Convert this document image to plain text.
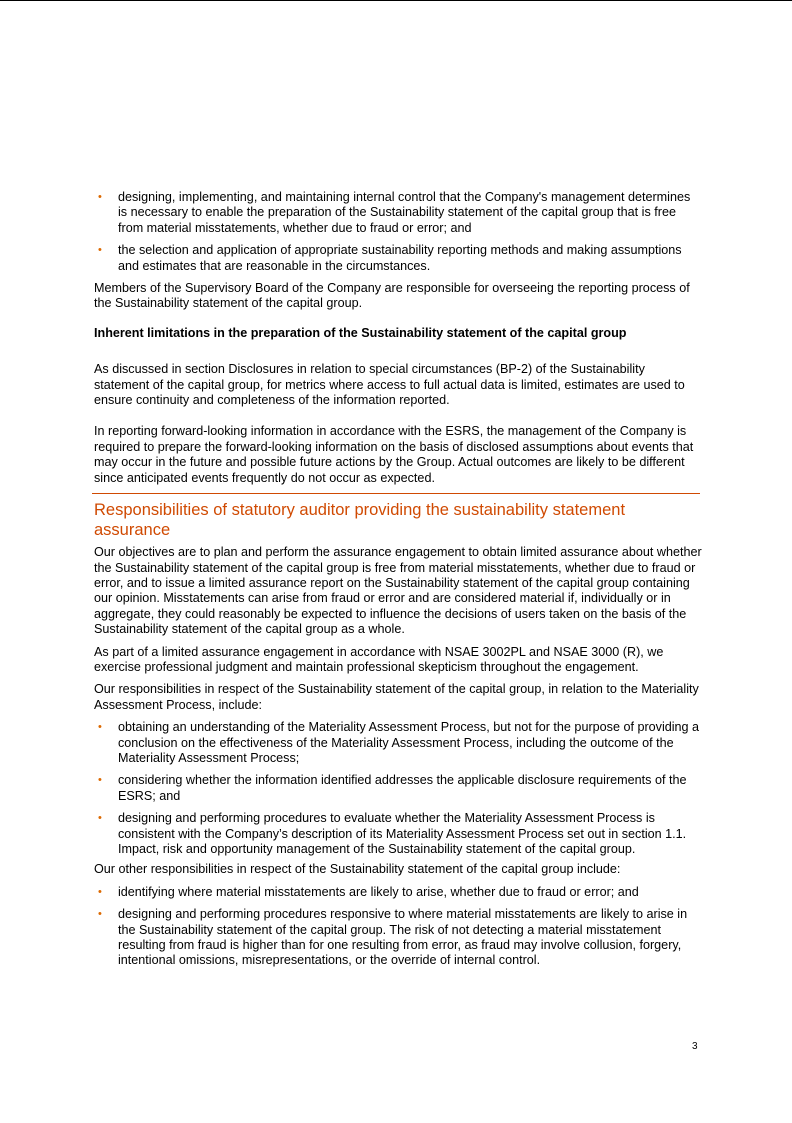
• designing, implementing, and maintaining internal control that the Company's management determines is necessary to enable the preparation of the Sustainability statement of the capital group that is free from material misstatements, whether due to fraud or error; and
• the selection and application of appropriate sustainability reporting methods and making assumptions and estimates that are reasonable in the circumstances.

Members of the Supervisory Board of the Company are responsible for overseeing the reporting process of the Sustainability statement of the capital group.

Inherent limitations in the preparation of the Sustainability statement of the capital group

As discussed in section Disclosures in relation to special circumstances (BP-2) of the Sustainability statement of the capital group, for metrics where access to full actual data is limited, estimates are used to ensure continuity and completeness of the information reported.

In reporting forward-looking information in accordance with the ESRS, the management of the Company is required to prepare the forward-looking information on the basis of disclosed assumptions about events that may occur in the future and possible future actions by the Group. Actual outcomes are likely to be different since anticipated events frequently do not occur as expected.

Responsibilities of statutory auditor providing the sustainability statement assurance

Our objectives are to plan and perform the assurance engagement to obtain limited assurance about whether the Sustainability statement of the capital group is free from material misstatements, whether due to fraud or error, and to issue a limited assurance report on the Sustainability statement of the capital group containing our opinion. Misstatements can arise from fraud or error and are considered material if, individually or in aggregate, they could reasonably be expected to influence the decisions of users taken on the basis of the Sustainability statement of the capital group as a whole.

As part of a limited assurance engagement in accordance with NSAE 3002PL and NSAE 3000 (R), we exercise professional judgment and maintain professional skepticism throughout the engagement.

Our responsibilities in respect of the Sustainability statement of the capital group, in relation to the Materiality Assessment Process, include:

• obtaining an understanding of the Materiality Assessment Process, but not for the purpose of providing a conclusion on the effectiveness of the Materiality Assessment Process, including the outcome of the Materiality Assessment Process;
• considering whether the information identified addresses the applicable disclosure requirements of the ESRS; and
• designing and performing procedures to evaluate whether the Materiality Assessment Process is consistent with the Company’s description of its Materiality Assessment Process set out in section 1.1. Impact, risk and opportunity management of the Sustainability statement of the capital group.

Our other responsibilities in respect of the Sustainability statement of the capital group include:

• identifying where material misstatements are likely to arise, whether due to fraud or error; and
• designing and performing procedures responsive to where material misstatements are likely to arise in the Sustainability statement of the capital group. The risk of not detecting a material misstatement resulting from fraud is higher than for one resulting from error, as fraud may involve collusion, forgery, intentional omissions, misrepresentations, or the override of internal control.
3
